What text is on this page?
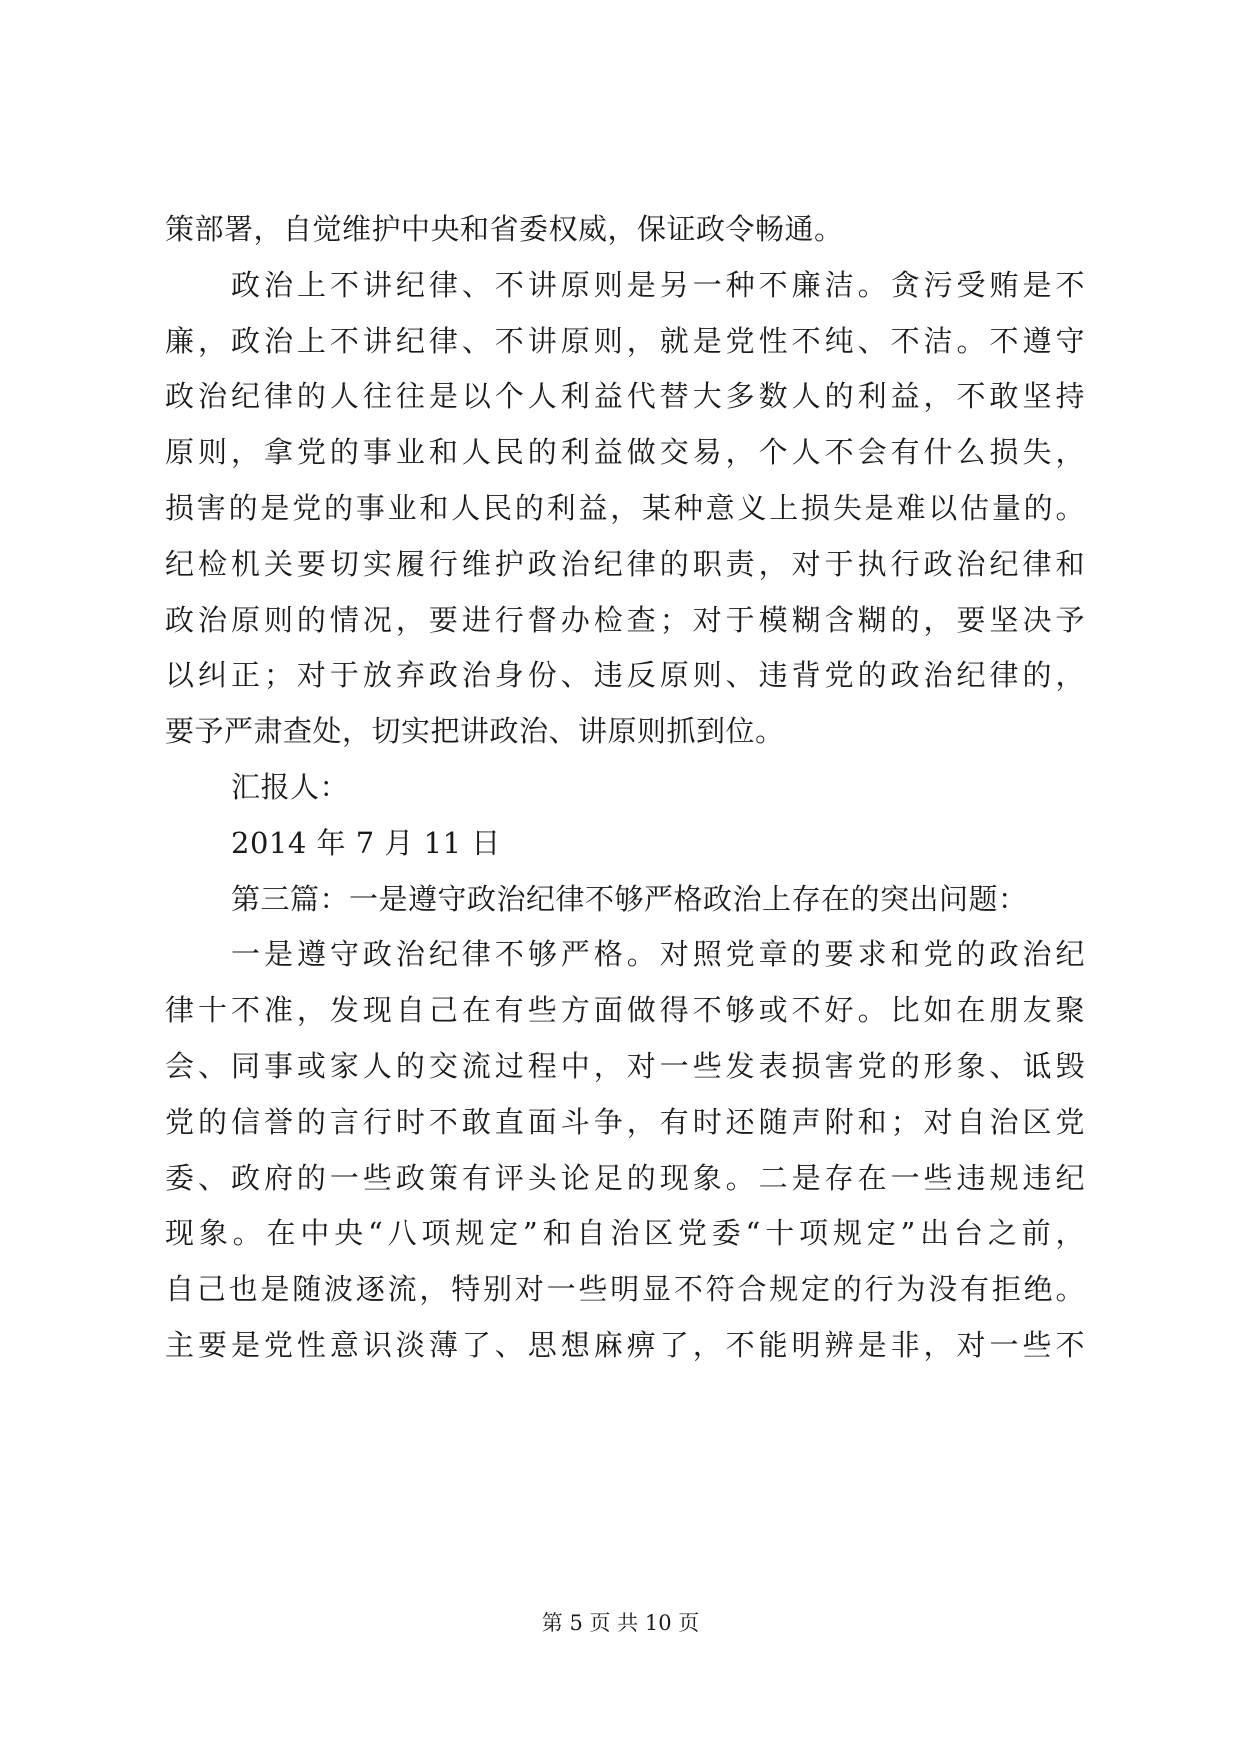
策部署，自觉维护中央和省委权威，保证政令畅通。
政治上不讲纪律、不讲原则是另一种不廉洁。贪污受贿是不
廉，政治上不讲纪律、不讲原则，就是党性不纯、不洁。不遵守
政治纪律的人往往是以个人利益代替大多数人的利益，不敢坚持
原则，拿党的事业和人民的利益做交易，个人不会有什么损失，
损害的是党的事业和人民的利益，某种意义上损失是难以估量的。
纪检机关要切实履行维护政治纪律的职责，对于执行政治纪律和
政治原则的情况，要进行督办检查；对于模糊含糊的，要坚决予
以纠正；对于放弃政治身份、违反原则、违背党的政治纪律的，
要予严肃查处，切实把讲政治、讲原则抓到位。
汇报人：
2014 年 7 月 11 日
第三篇：一是遵守政治纪律不够严格政治上存在的突出问题：
一是遵守政治纪律不够严格。对照党章的要求和党的政治纪
律十不准，发现自己在有些方面做得不够或不好。比如在朋友聚
会、同事或家人的交流过程中，对一些发表损害党的形象、诋毁
党的信誉的言行时不敢直面斗争，有时还随声附和；对自治区党
委、政府的一些政策有评头论足的现象。二是存在一些违规违纪
现象。在中央“八项规定”和自治区党委“十项规定”出台之前，
自己也是随波逐流，特别对一些明显不符合规定的行为没有拒绝。
主要是党性意识淡薄了、思想麻痹了，不能明辨是非，对一些不
第 5 页 共 10 页
